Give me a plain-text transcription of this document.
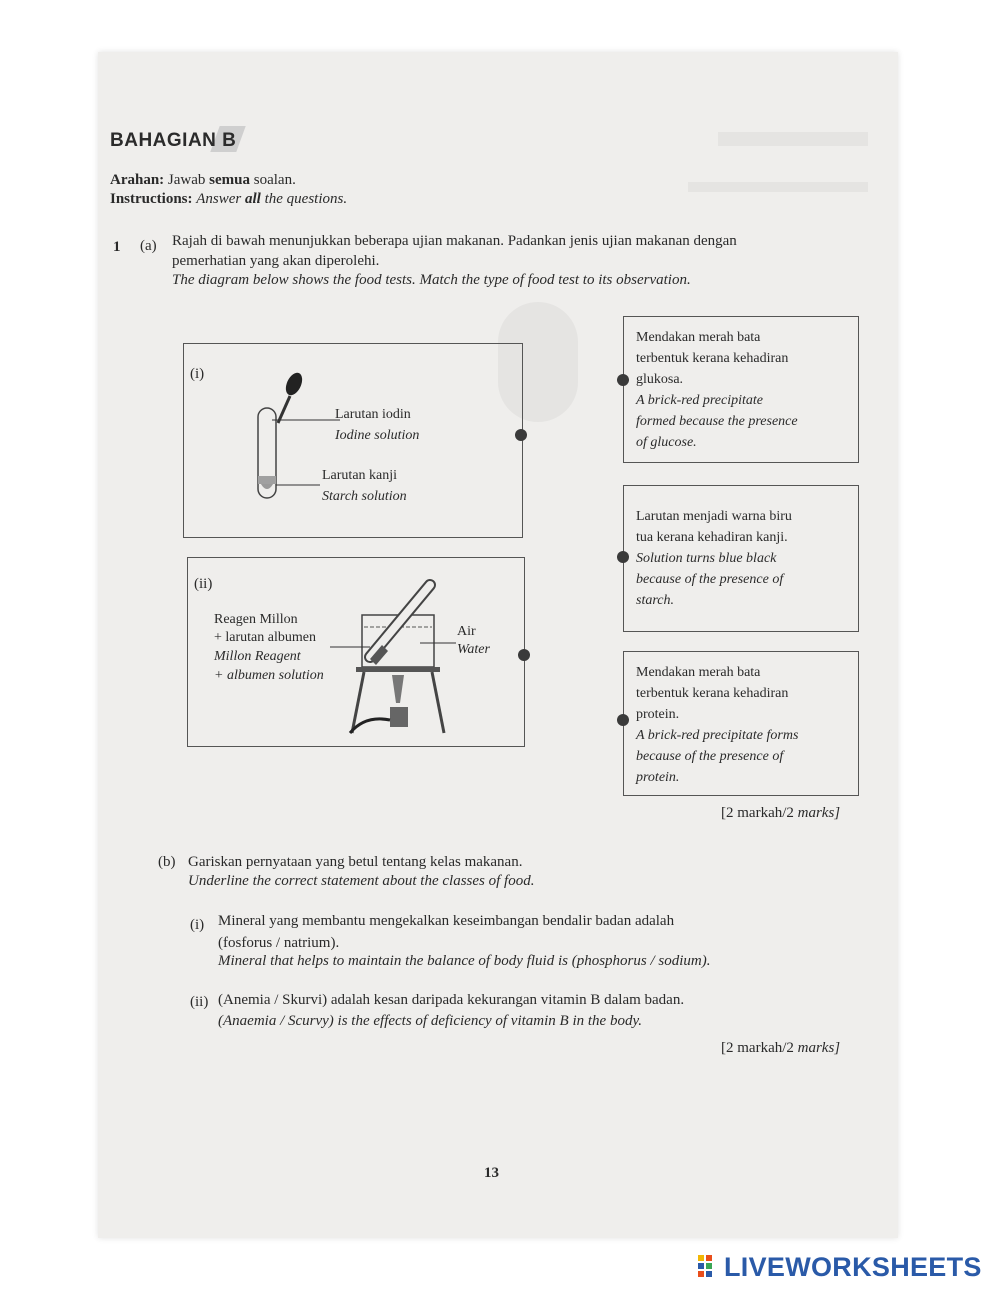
BAHAGIAN B
Arahan: Jawab semua soalan.
Instructions: Answer all the questions.
1 (a) Rajah di bawah menunjukkan beberapa ujian makanan. Padankan jenis ujian makanan dengan
pemerhatian yang akan diperolehi.
The diagram below shows the food tests. Match the type of food test to its observation.
(i)
Larutan iodin
Iodine solution
Larutan kanji
Starch solution
(ii)
Reagen Millon
+ larutan albumen
Millon Reagent
+ albumen solution
Air
Water
Mendakan merah bata
terbentuk kerana kehadiran
glukosa.
A brick-red precipitate
formed because the presence
of glucose.
Larutan menjadi warna biru
tua kerana kehadiran kanji.
Solution turns blue black
because of the presence of
starch.
Mendakan merah bata
terbentuk kerana kehadiran
protein.
A brick-red precipitate forms
because of the presence of
protein.
[2 markah/2 marks]
(b) Gariskan pernyataan yang betul tentang kelas makanan.
Underline the correct statement about the classes of food.
(i) Mineral yang membantu mengekalkan keseimbangan bendalir badan adalah
(fosforus / natrium).
Mineral that helps to maintain the balance of body fluid is (phosphorus / sodium).
(ii) (Anemia / Skurvi) adalah kesan daripada kekurangan vitamin B dalam badan.
(Anaemia / Scurvy) is the effects of deficiency of vitamin B in the body.
[2 markah/2 marks]
13
LIVEWORKSHEETS
